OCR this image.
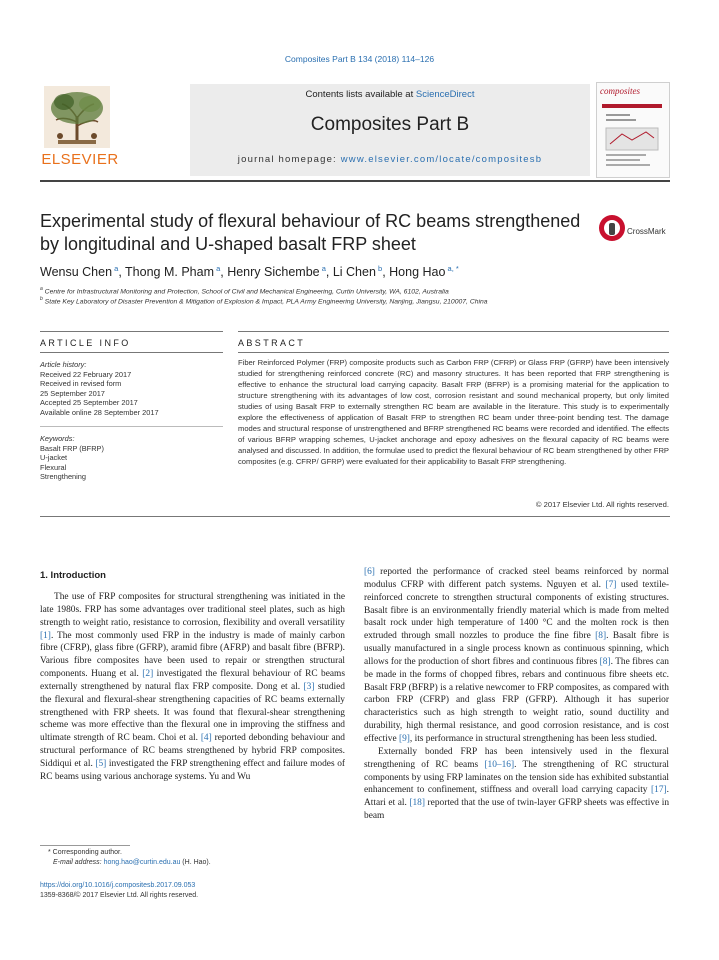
Composites Part B 134 (2018) 114–126
ELSEVIER
Contents lists available at ScienceDirect
Composites Part B
journal homepage: www.elsevier.com/locate/compositesb
composites
Experimental study of flexural behaviour of RC beams strengthened by longitudinal and U-shaped basalt FRP sheet
CrossMark
Wensu Chen $^a$, Thong M. Pham $^a$, Henry Sichembe $^a$, Li Chen $^b$, Hong Hao $^{a, *}$
$^a$ Centre for Infrastructural Monitoring and Protection, School of Civil and Mechanical Engineering, Curtin University, WA, 6102, Australia
$^b$ State Key Laboratory of Disaster Prevention & Mitigation of Explosion & Impact, PLA Army Engineering University, Nanjing, Jiangsu, 210007, China
ARTICLE INFO	ABSTRACT
Article history:
Received 22 February 2017
Received in revised form
25 September 2017
Accepted 25 September 2017
Available online 28 September 2017
Keywords:
Basalt FRP (BFRP)
U-jacket
Flexural
Strengthening
Fiber Reinforced Polymer (FRP) composite products such as Carbon FRP (CFRP) or Glass FRP (GFRP) have been intensively studied for strengthening reinforced concrete (RC) and masonry structures. It has been reported that FRP strengthening is effective to enhance the structural load carrying capacity. Basalt FRP (BFRP) is a promising material for the application to structure strengthening with its advantages of low cost, corrosion resistant and sound mechanical property, but only limited studies of using Basalt FRP to externally strengthen RC beam are available in the literature. This study is to experimentally explore the effectiveness of application of Basalt FRP to strengthen RC beam under three-point bending test. The damage modes and structural response of unstrengthened and BFRP strengthened RC beams were recorded and identified. The effects of various BFRP wrapping schemes, U-jacket anchorage and epoxy adhesives on the flexural capacity of RC beams were analysed and discussed. In addition, the formulae used to predict the flexural behaviour of RC beam strengthened by other FRP composites (e.g. CFRP/ GFRP) were evaluated for their applicability to Basalt FRP strengthening.
© 2017 Elsevier Ltd. All rights reserved.
1. Introduction

The use of FRP composites for structural strengthening was initiated in the late 1980s. FRP has some advantages over traditional steel plates, such as high strength to weight ratio, resistance to corrosion, flexibility and overall versatility [1]. The most commonly used FRP in the industry is made of mainly carbon fibre (CFRP), glass fibre (GFRP), aramid fibre (AFRP) and basalt fibre (BFRP). Various fibre composites have been used to repair or strengthen structural components. Huang et al. [2] investigated the flexural behaviour of RC beams externally strengthened by natural flax FRP composite. Dong et al. [3] studied the flexural and flexural-shear strengthening capacities of RC beams externally strengthened with FRP sheets. It was found that flexural-shear strengthening scheme was more effective than the flexural one in improving the stiffness and ultimate strength of RC beam. Choi et al. [4] reported debonding behaviour and structural performance of RC beams strengthened by hybrid FRP composites. Siddiqui et al. [5] investigated the FRP strengthening effect and failure modes of RC beams using various anchorage systems. Yu and Wu

[6] reported the performance of cracked steel beams reinforced by normal modulus CFRP with different patch systems. Nguyen et al. [7] used textile-reinforced concrete to strengthen structural components of existing structures. Basalt fibre is an environmentally friendly material which is made from melted basalt rock under high temperature of 1400 °C and the molten rock is then extruded through small nozzles to produce the fine fibre [8]. Basalt fibre is usually manufactured in a single process known as continuous spinning, which allows for the production of short fibres and continuous fibres [8]. The fibres can be made in the forms of chopped fibres, rebars and continuous fibre sheets etc. Basalt FRP (BFRP) is a relative newcomer to FRP composites, as compared with carbon FRP (CFRP) and glass FRP (GFRP). Although it has superior characteristics such as high strength to weight ratio, sound ductility and durability, high thermal resistance, and good corrosion resistance, and is cost effective [9], its performance in structural strengthening has been less studied.

Externally bonded FRP has been intensively used in the flexural strengthening of RC beams [10–16]. The strengthening of RC structural components by using FRP laminates on the tension side has exhibited substantial enhancement to confinement, stiffness and overall load carrying capacity [17]. Attari et al. [18] reported that the use of twin-layer GFRP sheets was effective in beam

* Corresponding author.
E-mail address: hong.hao@curtin.edu.au (H. Hao).
https://doi.org/10.1016/j.compositesb.2017.09.053
1359-8368/© 2017 Elsevier Ltd. All rights reserved.
